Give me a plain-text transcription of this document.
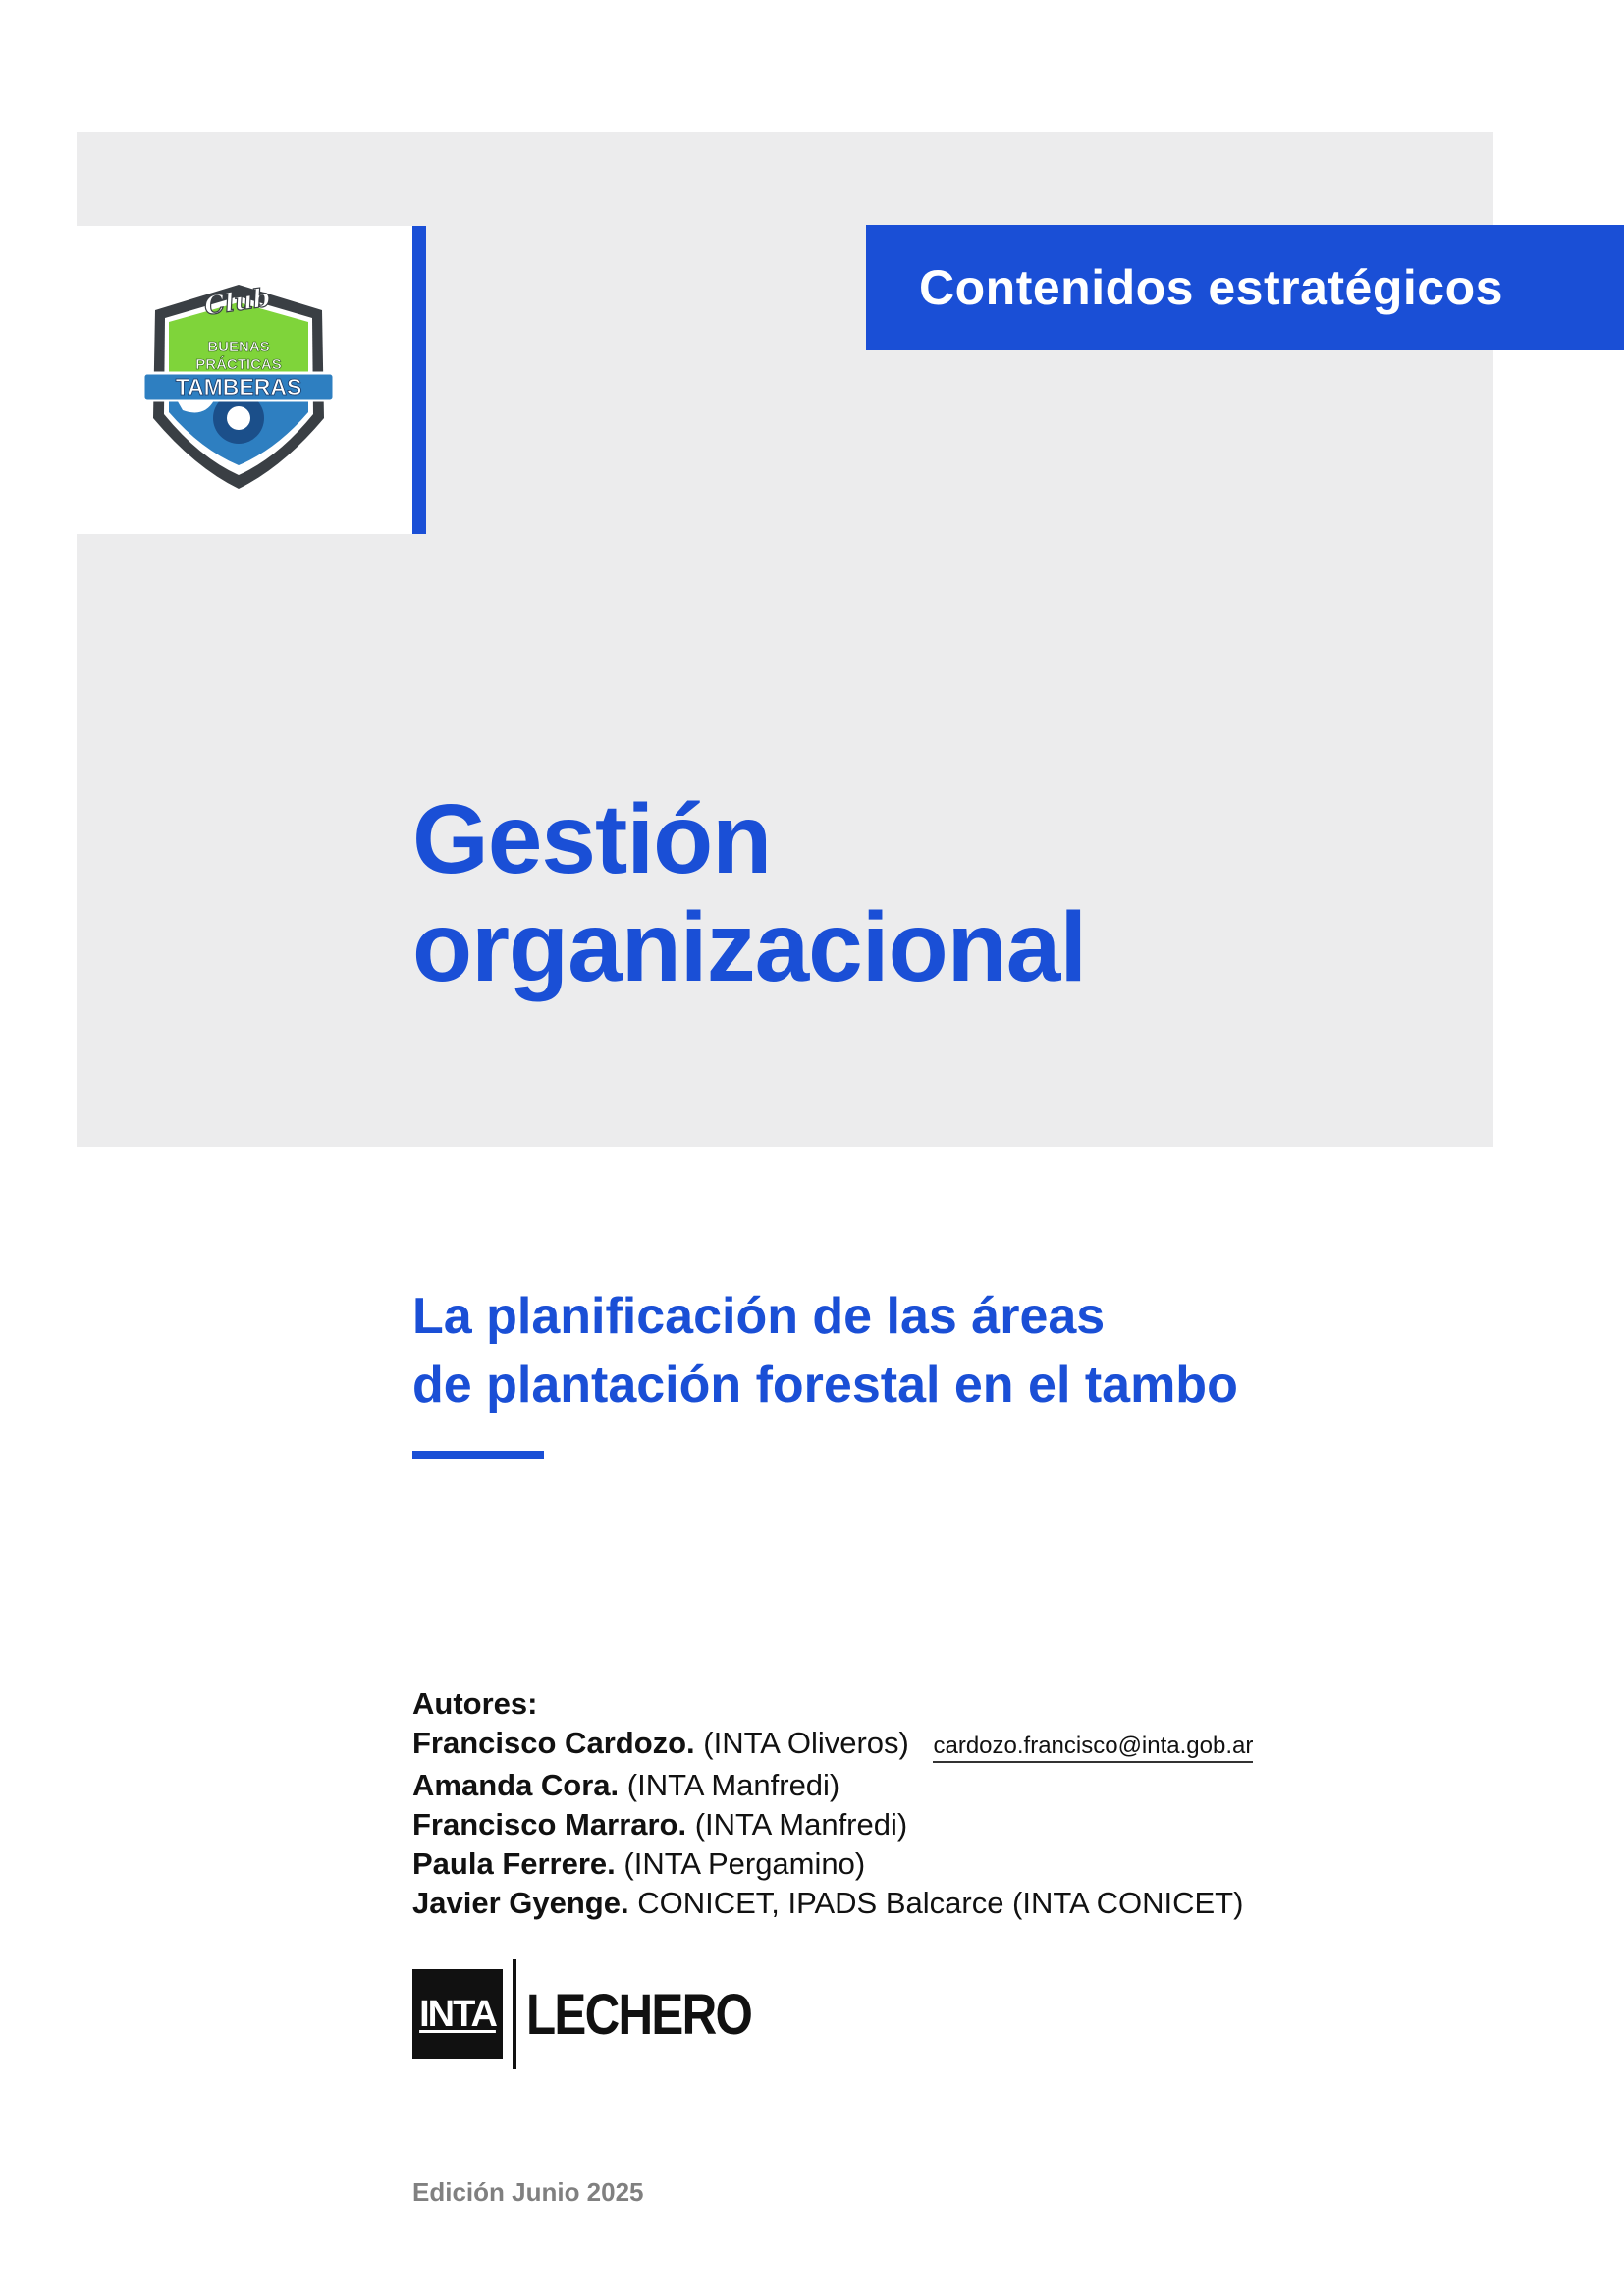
TAMBERAS
BUENAS
PRÁCTICAS
Club	Contenidos estratégicos
Gestión
organizacional
La planificación de las áreas
de plantación forestal en el tambo
Autores:
Francisco Cardozo. (INTA Oliveros) cardozo.francisco@inta.gob.ar
Amanda Cora. (INTA Manfredi)
Francisco Marraro. (INTA Manfredi)
Paula Ferrere. (INTA Pergamino)
Javier Gyenge. CONICET, IPADS Balcarce (INTA CONICET)
INTA LECHERO
Edición Junio 2025
